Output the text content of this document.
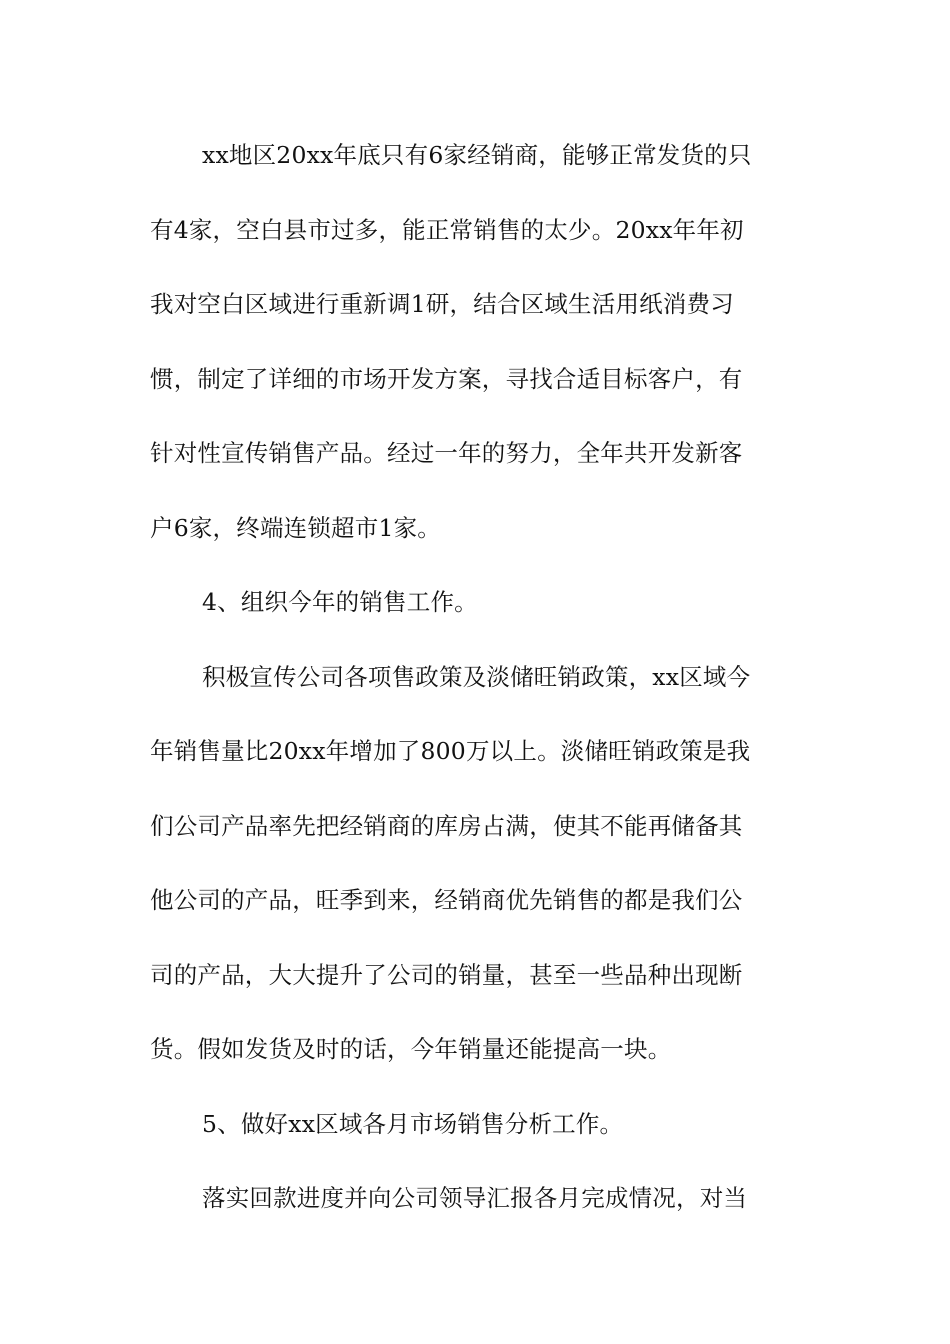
xx地区20xx年底只有6家经销商，能够正常发货的只
有4家，空白县市过多，能正常销售的太少。20xx年年初
我对空白区域进行重新调1研，结合区域生活用纸消费习
惯，制定了详细的市场开发方案，寻找合适目标客户，有
针对性宣传销售产品。经过一年的努力，全年共开发新客
户6家，终端连锁超市1家。
4、组织今年的销售工作。
积极宣传公司各项售政策及淡储旺销政策，xx区域今
年销售量比20xx年增加了800万以上。淡储旺销政策是我
们公司产品率先把经销商的库房占满，使其不能再储备其
他公司的产品，旺季到来，经销商优先销售的都是我们公
司的产品，大大提升了公司的销量，甚至一些品种出现断
货。假如发货及时的话，今年销量还能提高一块。
5、做好xx区域各月市场销售分析工作。
落实回款进度并向公司领导汇报各月完成情况，对当
